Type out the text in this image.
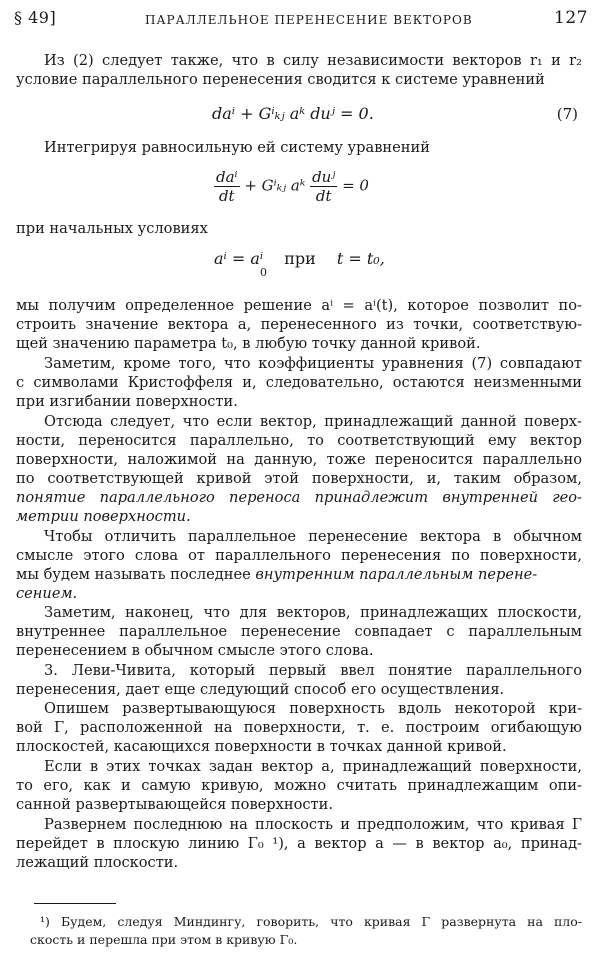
§ 49]	ПАРАЛЛЕЛЬНОЕ ПЕРЕНЕСЕНИЕ ВЕКТОРОВ	127
Из (2) следует также, что в силу независимости векторов r₁ и r₂
условие параллельного перенесения сводится к системе уравнений
daⁱ + Gⁱₖⱼ aᵏ duʲ = 0.	(7)
Интегрируя равносильную ей систему уравнений
$\frac{\text{daⁱ}}{dt}$ + Gⁱₖⱼ aᵏ $\frac{\text{duʲ}}{dt} = 0$
при начальных условиях
aⁱ = aⁱ
0
при t = t₀,
мы получим определенное решение aⁱ = aⁱ(t), которое позволит по-
строить значение вектора a, перенесенного из точки, соответствую-
щей значению параметра t₀, в любую точку данной кривой.
Заметим, кроме того, что коэффициенты уравнения (7) совпадают
с символами Кристоффеля и, следовательно, остаются неизменными
при изгибании поверхности.
Отсюда следует, что если вектор, принадлежащий данной поверх-
ности, переносится параллельно, то соответствующий ему вектор
поверхности, наложимой на данную, тоже переносится параллельно
по соответствующей кривой этой поверхности, и, таким образом,
понятие параллельного переноса принадлежит внутренней гео-
метрии поверхности.
Чтобы отличить параллельное перенесение вектора в обычном
смысле этого слова от параллельного перенесения по поверхности,
мы будем называть последнее внутренним параллельным перене-
сением.
Заметим, наконец, что для векторов, принадлежащих плоскости,
внутреннее параллельное перенесение совпадает с параллельным
перенесением в обычном смысле этого слова.
3. Леви-Чивита, который первый ввел понятие параллельного
перенесения, дает еще следующий способ его осуществления.
Опишем развертывающуюся поверхность вдоль некоторой кри-
вой Γ, расположенной на поверхности, т. е. построим огибающую
плоскостей, касающихся поверхности в точках данной кривой.
Если в этих точках задан вектор a, принадлежащий поверхности,
то его, как и самую кривую, можно считать принадлежащим опи-
санной развертывающейся поверхности.
Развернем последнюю на плоскость и предположим, что кривая Γ
перейдет в плоскую линию Γ₀ ¹), а вектор a — в вектор a₀, принад-
лежащий плоскости.
¹) Будем, следуя Миндингу, говорить, что кривая Γ развернута на пло-
скость и перешла при этом в кривую Γ₀.
